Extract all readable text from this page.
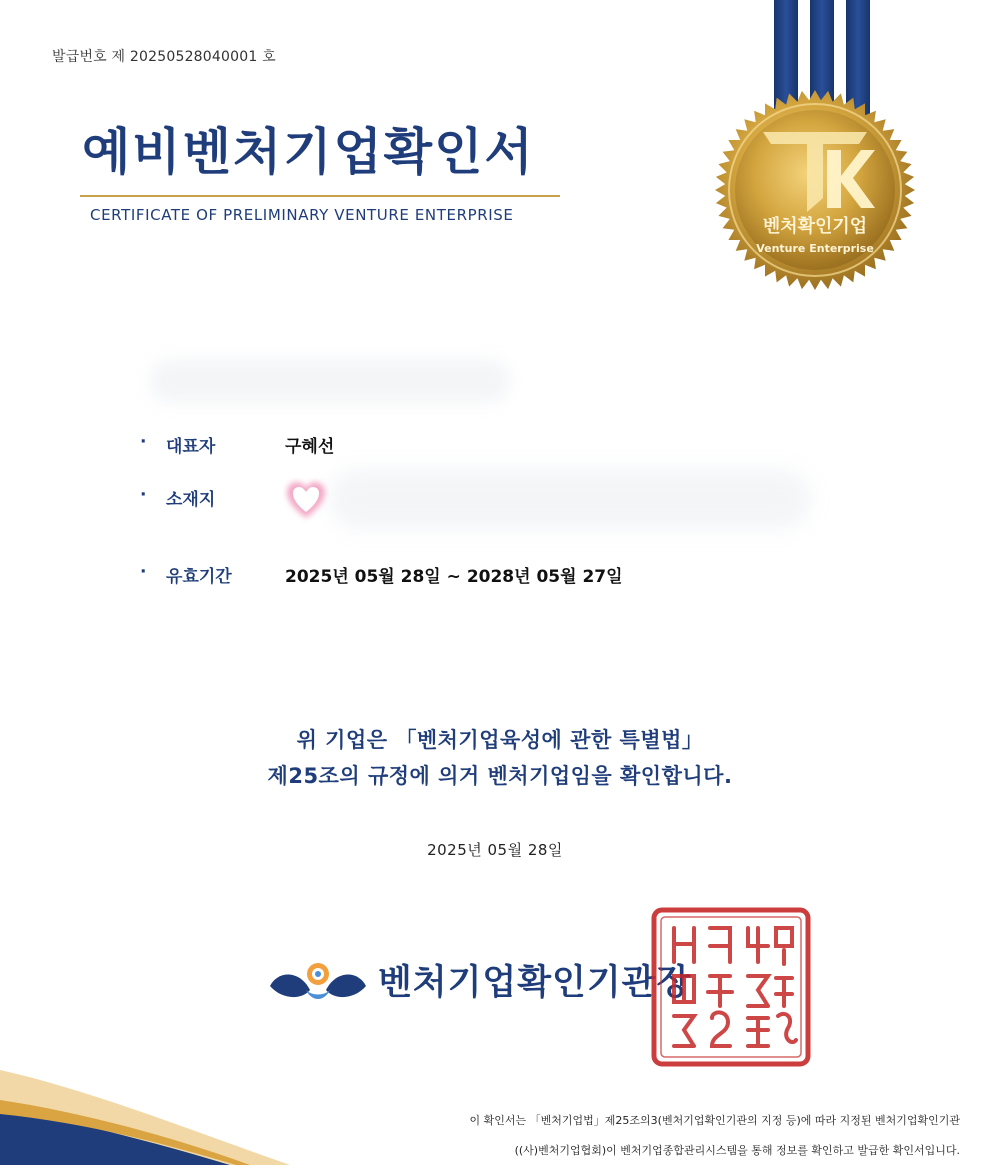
발급번호 제 20250528040001 호
예비벤처기업확인서
CERTIFICATE OF PRELIMINARY VENTURE ENTERPRISE
벤처확인기업
Venture Enterprise
· 대표자	구혜선
· 소재지
· 유효기간	2025년 05월 28일 ~ 2028년 05월 27일
위 기업은 「벤처기업육성에 관한 특별법」
제25조의 규정에 의거 벤처기업임을 확인합니다.
2025년 05월 28일
벤처기업확인기관장
이 확인서는 「벤처기업법」제25조의3(벤처기업확인기관의 지정 등)에 따라 지정된 벤처기업확인기관
((사)벤처기업협회)이 벤처기업종합관리시스템을 통해 정보를 확인하고 발급한 확인서입니다.
